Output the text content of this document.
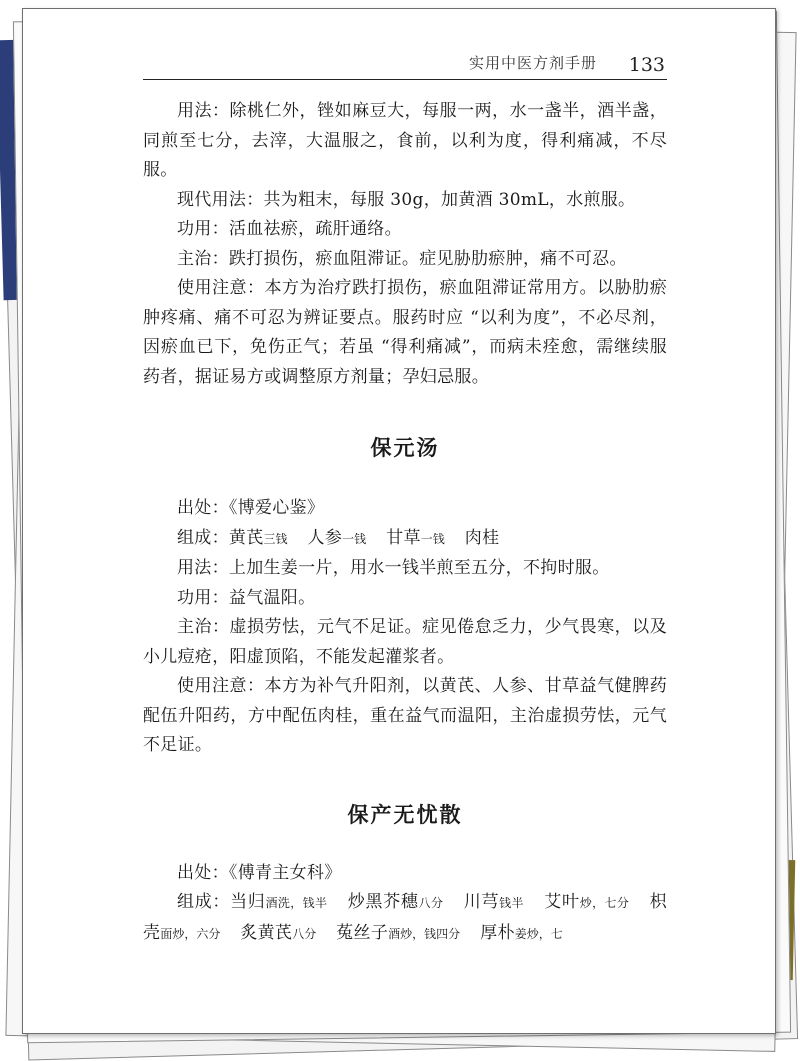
实用中医方剂手册 133

用法：除桃仁外，锉如麻豆大，每服一两，水一盏半，酒半盏，同煎至七分，去滓，大温服之，食前，以利为度，得利痛减，不尽服。

现代用法：共为粗末，每服 30g，加黄酒 30mL，水煎服。

功用：活血祛瘀，疏肝通络。

主治：跌打损伤，瘀血阻滞证。症见胁肋瘀肿，痛不可忍。

使用注意：本方为治疗跌打损伤，瘀血阻滞证常用方。以胁肋瘀肿疼痛、痛不可忍为辨证要点。服药时应 “以利为度”，不必尽剂，因瘀血已下，免伤正气；若虽 “得利痛减”，而病未痊愈，需继续服药者，据证易方或调整原方剂量；孕妇忌服。

保元汤

出处：《博爱心鉴》

组成：黄芪三钱 人参一钱 甘草一钱 肉桂

用法：上加生姜一片，用水一钱半煎至五分，不拘时服。

功用：益气温阳。

主治：虚损劳怯，元气不足证。症见倦怠乏力，少气畏寒，以及小儿痘疮，阳虚顶陷，不能发起灌浆者。

使用注意：本方为补气升阳剂，以黄芪、人参、甘草益气健脾药配伍升阳药，方中配伍肉桂，重在益气而温阳，主治虚损劳怯，元气不足证。

保产无忧散

出处：《傅青主女科》

组成：当归酒洗，钱半 炒黑芥穗八分 川芎钱半 艾叶炒，七分 枳壳面炒，六分 炙黄芪八分 菟丝子酒炒，钱四分 厚朴姜炒，七
